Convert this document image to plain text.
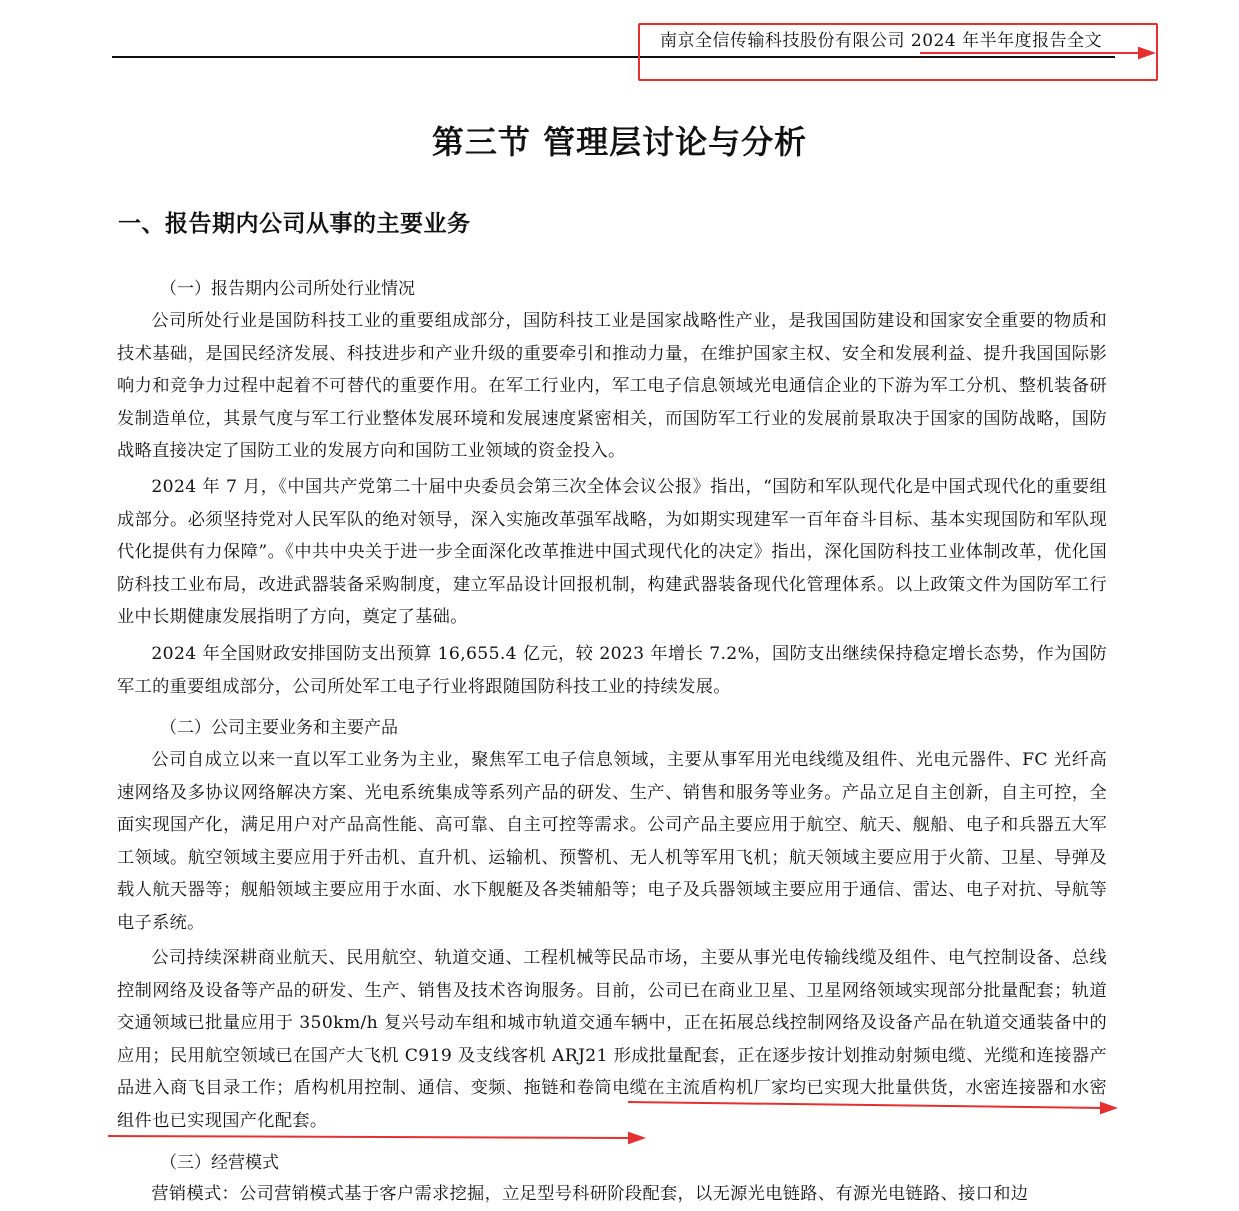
南京全信传输科技股份有限公司 2024 年半年度报告全文
第三节 管理层讨论与分析
一、报告期内公司从事的主要业务
（一）报告期内公司所处行业情况

公司所处行业是国防科技工业的重要组成部分，国防科技工业是国家战略性产业，是我国国防建设和国家安全重要的物质和技术基础，是国民经济发展、科技进步和产业升级的重要牵引和推动力量，在维护国家主权、安全和发展利益、提升我国国际影响力和竞争力过程中起着不可替代的重要作用。在军工行业内，军工电子信息领域光电通信企业的下游为军工分机、整机装备研发制造单位，其景气度与军工行业整体发展环境和发展速度紧密相关，而国防军工行业的发展前景取决于国家的国防战略，国防战略直接决定了国防工业的发展方向和国防工业领域的资金投入。

2024 年 7 月，《中国共产党第二十届中央委员会第三次全体会议公报》指出，“国防和军队现代化是中国式现代化的重要组成部分。必须坚持党对人民军队的绝对领导，深入实施改革强军战略，为如期实现建军一百年奋斗目标、基本实现国防和军队现代化提供有力保障”。《中共中央关于进一步全面深化改革推进中国式现代化的决定》指出，深化国防科技工业体制改革，优化国防科技工业布局，改进武器装备采购制度，建立军品设计回报机制，构建武器装备现代化管理体系。以上政策文件为国防军工行业中长期健康发展指明了方向，奠定了基础。

2024 年全国财政安排国防支出预算 16,655.4 亿元，较 2023 年增长 7.2%，国防支出继续保持稳定增长态势，作为国防军工的重要组成部分，公司所处军工电子行业将跟随国防科技工业的持续发展。

（二）公司主要业务和主要产品

公司自成立以来一直以军工业务为主业，聚焦军工电子信息领域，主要从事军用光电线缆及组件、光电元器件、FC 光纤高速网络及多协议网络解决方案、光电系统集成等系列产品的研发、生产、销售和服务等业务。产品立足自主创新，自主可控，全面实现国产化，满足用户对产品高性能、高可靠、自主可控等需求。公司产品主要应用于航空、航天、舰船、电子和兵器五大军工领域。航空领域主要应用于歼击机、直升机、运输机、预警机、无人机等军用飞机；航天领域主要应用于火箭、卫星、导弹及载人航天器等；舰船领域主要应用于水面、水下舰艇及各类辅船等；电子及兵器领域主要应用于通信、雷达、电子对抗、导航等电子系统。

公司持续深耕商业航天、民用航空、轨道交通、工程机械等民品市场，主要从事光电传输线缆及组件、电气控制设备、总线控制网络及设备等产品的研发、生产、销售及技术咨询服务。目前，公司已在商业卫星、卫星网络领域实现部分批量配套；轨道交通领域已批量应用于 350km/h 复兴号动车组和城市轨道交通车辆中，正在拓展总线控制网络及设备产品在轨道交通装备中的应用；民用航空领域已在国产大飞机 C919 及支线客机 ARJ21 形成批量配套，正在逐步按计划推动射频电缆、光缆和连接器产品进入商飞目录工作；盾构机用控制、通信、变频、拖链和卷筒电缆在主流盾构机厂家均已实现大批量供货，水密连接器和水密组件也已实现国产化配套。

（三）经营模式

营销模式：公司营销模式基于客户需求挖掘，立足型号科研阶段配套，以无源光电链路、有源光电链路、接口和边
